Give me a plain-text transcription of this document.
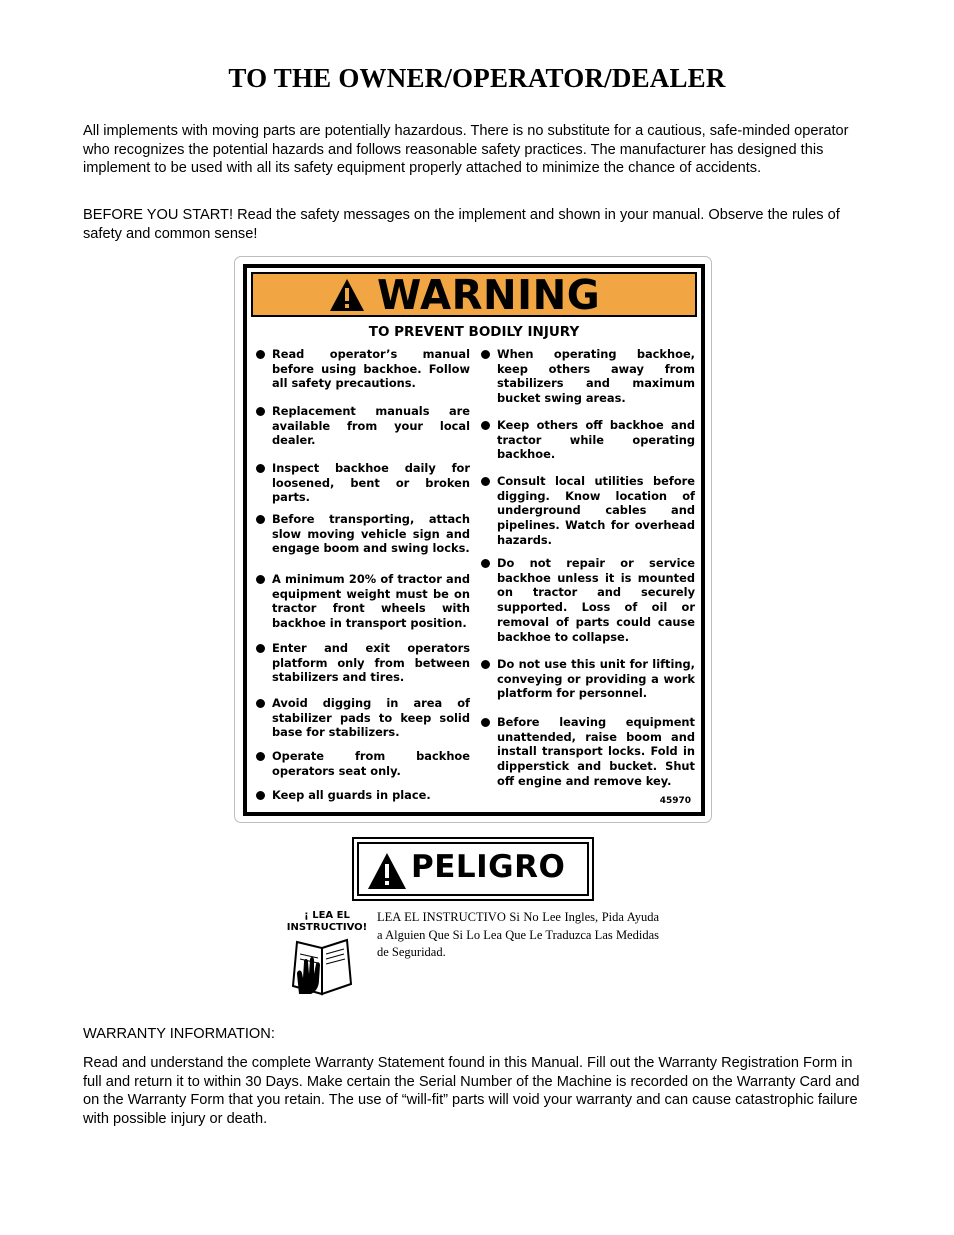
TO THE OWNER/OPERATOR/DEALER
All implements with moving parts are potentially hazardous. There is no substitute for a cautious, safe-minded operator who recognizes the potential hazards and follows reasonable safety practices. The manufacturer has designed this implement to be used with all its safety equipment properly attached to minimize the chance of accidents.
BEFORE YOU START! Read the safety messages on the implement and shown in your manual. Observe the rules of safety and common sense!
WARNING
TO PREVENT BODILY INJURY
Read operator’s manual before using backhoe. Follow all safety precautions.
Replacement manuals are available from your local dealer.
Inspect backhoe daily for loosened, bent or broken parts.
Before transporting, attach slow moving vehicle sign and engage boom and swing locks.
A minimum 20% of tractor and equipment weight must be on tractor front wheels with backhoe in transport position.
Enter and exit operators platform only from between stabilizers and tires.
Avoid digging in area of stabilizer pads to keep solid base for stabilizers.
Operate from backhoe operators seat only.
Keep all guards in place.
When operating backhoe, keep others away from stabilizers and maximum bucket swing areas.
Keep others off backhoe and tractor while operating backhoe.
Consult local utilities before digging. Know location of underground cables and pipelines. Watch for overhead hazards.
Do not repair or service backhoe unless it is mounted on tractor and securely supported. Loss of oil or removal of parts could cause backhoe to collapse.
Do not use this unit for lifting, conveying or providing a work platform for personnel.
Before leaving equipment unattended, raise boom and install transport locks. Fold in dipperstick and bucket. Shut off engine and remove key.
45970
PELIGRO
¡ LEA EL INSTRUCTIVO!
LEA EL INSTRUCTIVO Si No Lee Ingles, Pida Ayuda a Alguien Que Si Lo Lea Que Le Traduzca Las Medidas de Seguridad.
WARRANTY INFORMATION:
Read and understand the complete Warranty Statement found in this Manual. Fill out the Warranty Registration Form in full and return it to within 30 Days. Make certain the Serial Number of the Machine is recorded on the Warranty Card and on the Warranty Form that you retain. The use of “will-fit” parts will void your warranty and can cause catastrophic failure with possible injury or death.
